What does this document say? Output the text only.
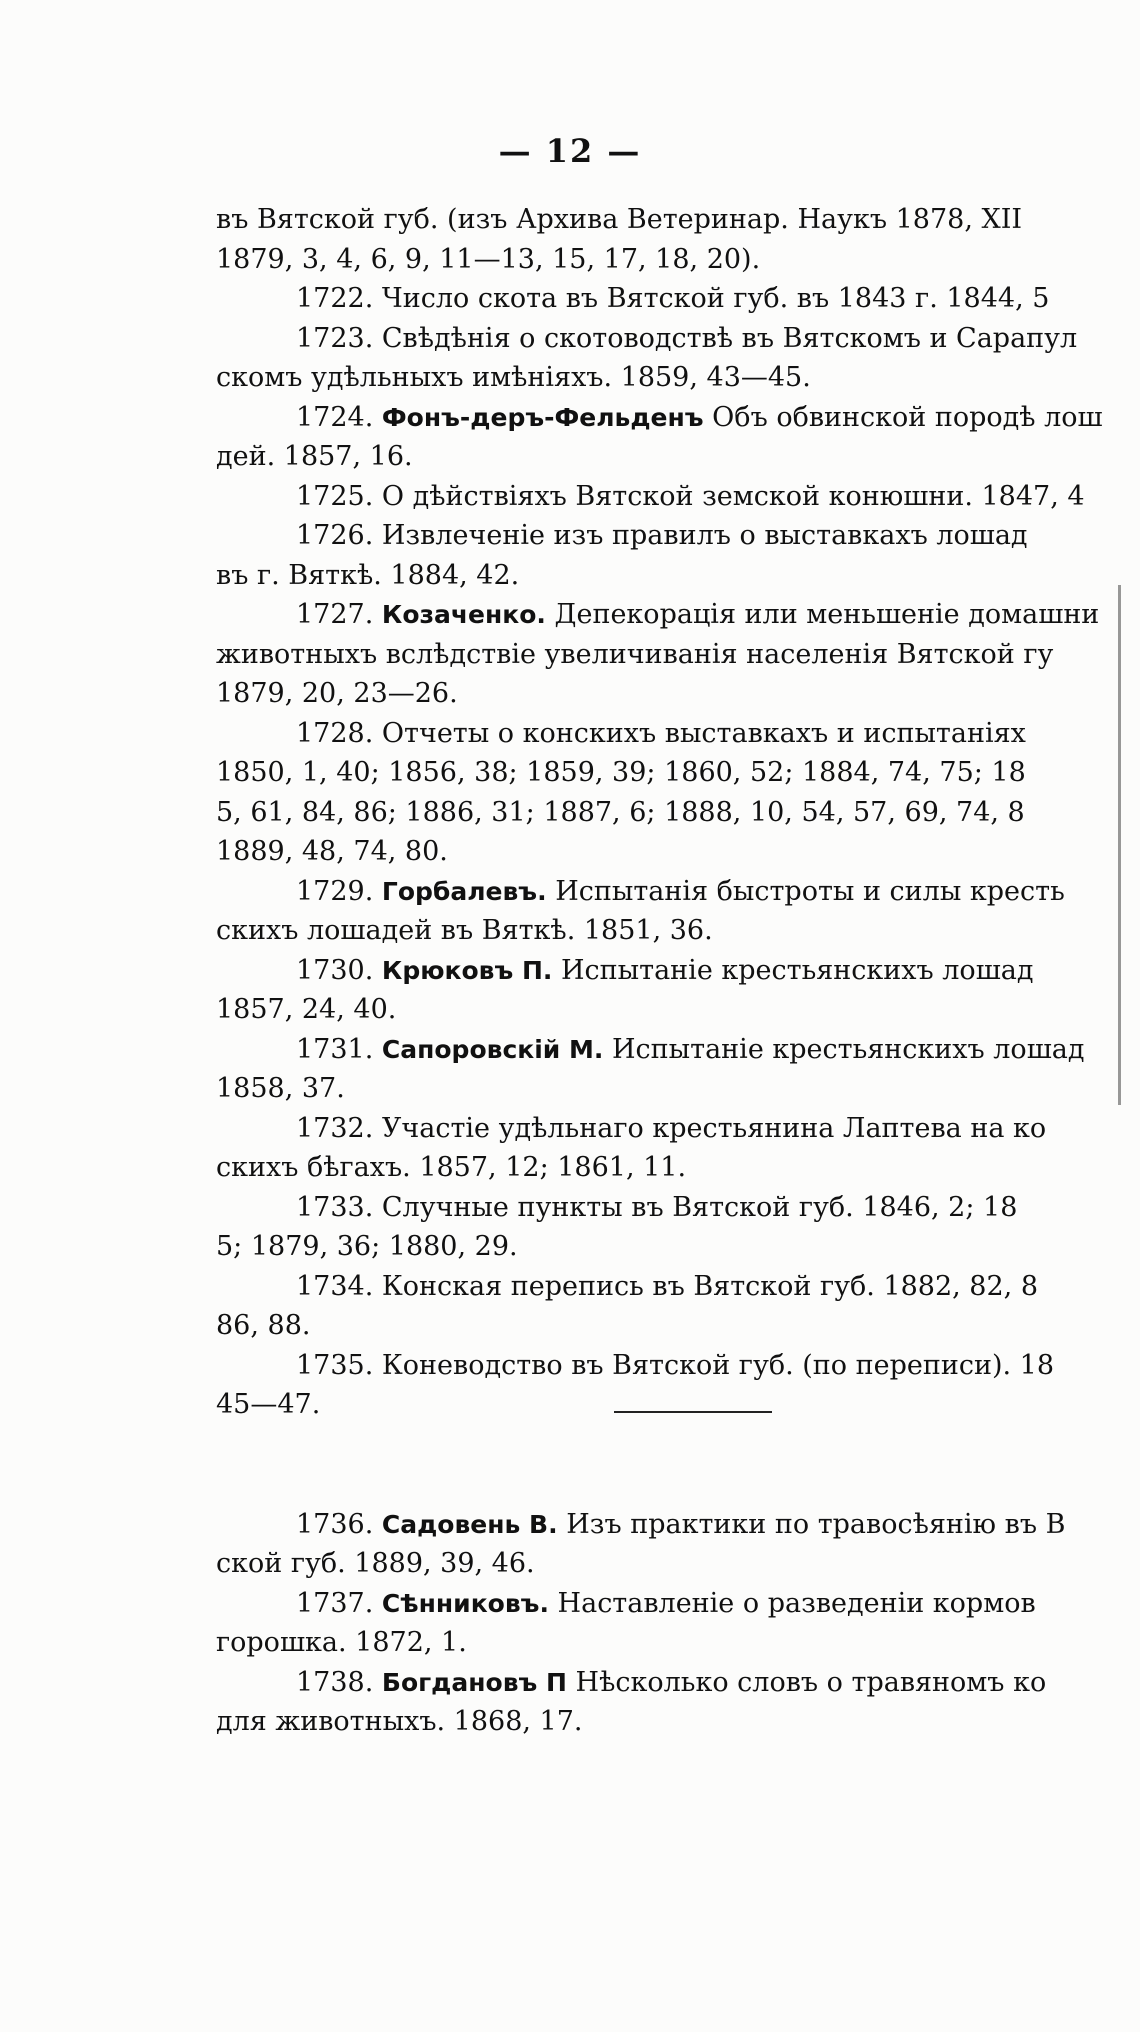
— 12 —
въ Вятской губ. (изъ Архива Ветеринар. Наукъ 1878, XII
1879, 3, 4, 6, 9, 11—13, 15, 17, 18, 20).
1722. Число скота въ Вятской губ. въ 1843 г. 1844, 5
1723. Свѣдѣнія о скотоводствѣ въ Вятскомъ и Сарапул
скомъ удѣльныхъ имѣніяхъ. 1859, 43—45.
1724. Фонъ-деръ-Фельденъ Объ обвинской породѣ лош
дей. 1857, 16.
1725. О дѣйствіяхъ Вятской земской конюшни. 1847, 4
1726. Извлеченіе изъ правилъ о выставкахъ лошад
въ г. Вяткѣ. 1884, 42.
1727. Козаченко. Депекорація или меньшеніе домашни
животныхъ вслѣдствіе увеличиванія населенія Вятской гу
1879, 20, 23—26.
1728. Отчеты о конскихъ выставкахъ и испытаніях
1850, 1, 40; 1856, 38; 1859, 39; 1860, 52; 1884, 74, 75; 18
5, 61, 84, 86; 1886, 31; 1887, 6; 1888, 10, 54, 57, 69, 74, 8
1889, 48, 74, 80.
1729. Горбалевъ. Испытанія быстроты и силы кресть
скихъ лошадей въ Вяткѣ. 1851, 36.
1730. Крюковъ П. Испытаніе крестьянскихъ лошад
1857, 24, 40.
1731. Сапоровскій М. Испытаніе крестьянскихъ лошад
1858, 37.
1732. Участіе удѣльнаго крестьянина Лаптева на ко
скихъ бѣгахъ. 1857, 12; 1861, 11.
1733. Случные пункты въ Вятской губ. 1846, 2; 18
5; 1879, 36; 1880, 29.
1734. Конская перепись въ Вятской губ. 1882, 82, 8
86, 88.
1735. Коневодство въ Вятской губ. (по переписи). 18
45—47.
1736. Садовень В. Изъ практики по травосѣянію въ В
ской губ. 1889, 39, 46.
1737. Сѣнниковъ. Наставленіе о разведеніи кормов
горошка. 1872, 1.
1738. Богдановъ П Нѣсколько словъ о травяномъ ко
для животныхъ. 1868, 17.
